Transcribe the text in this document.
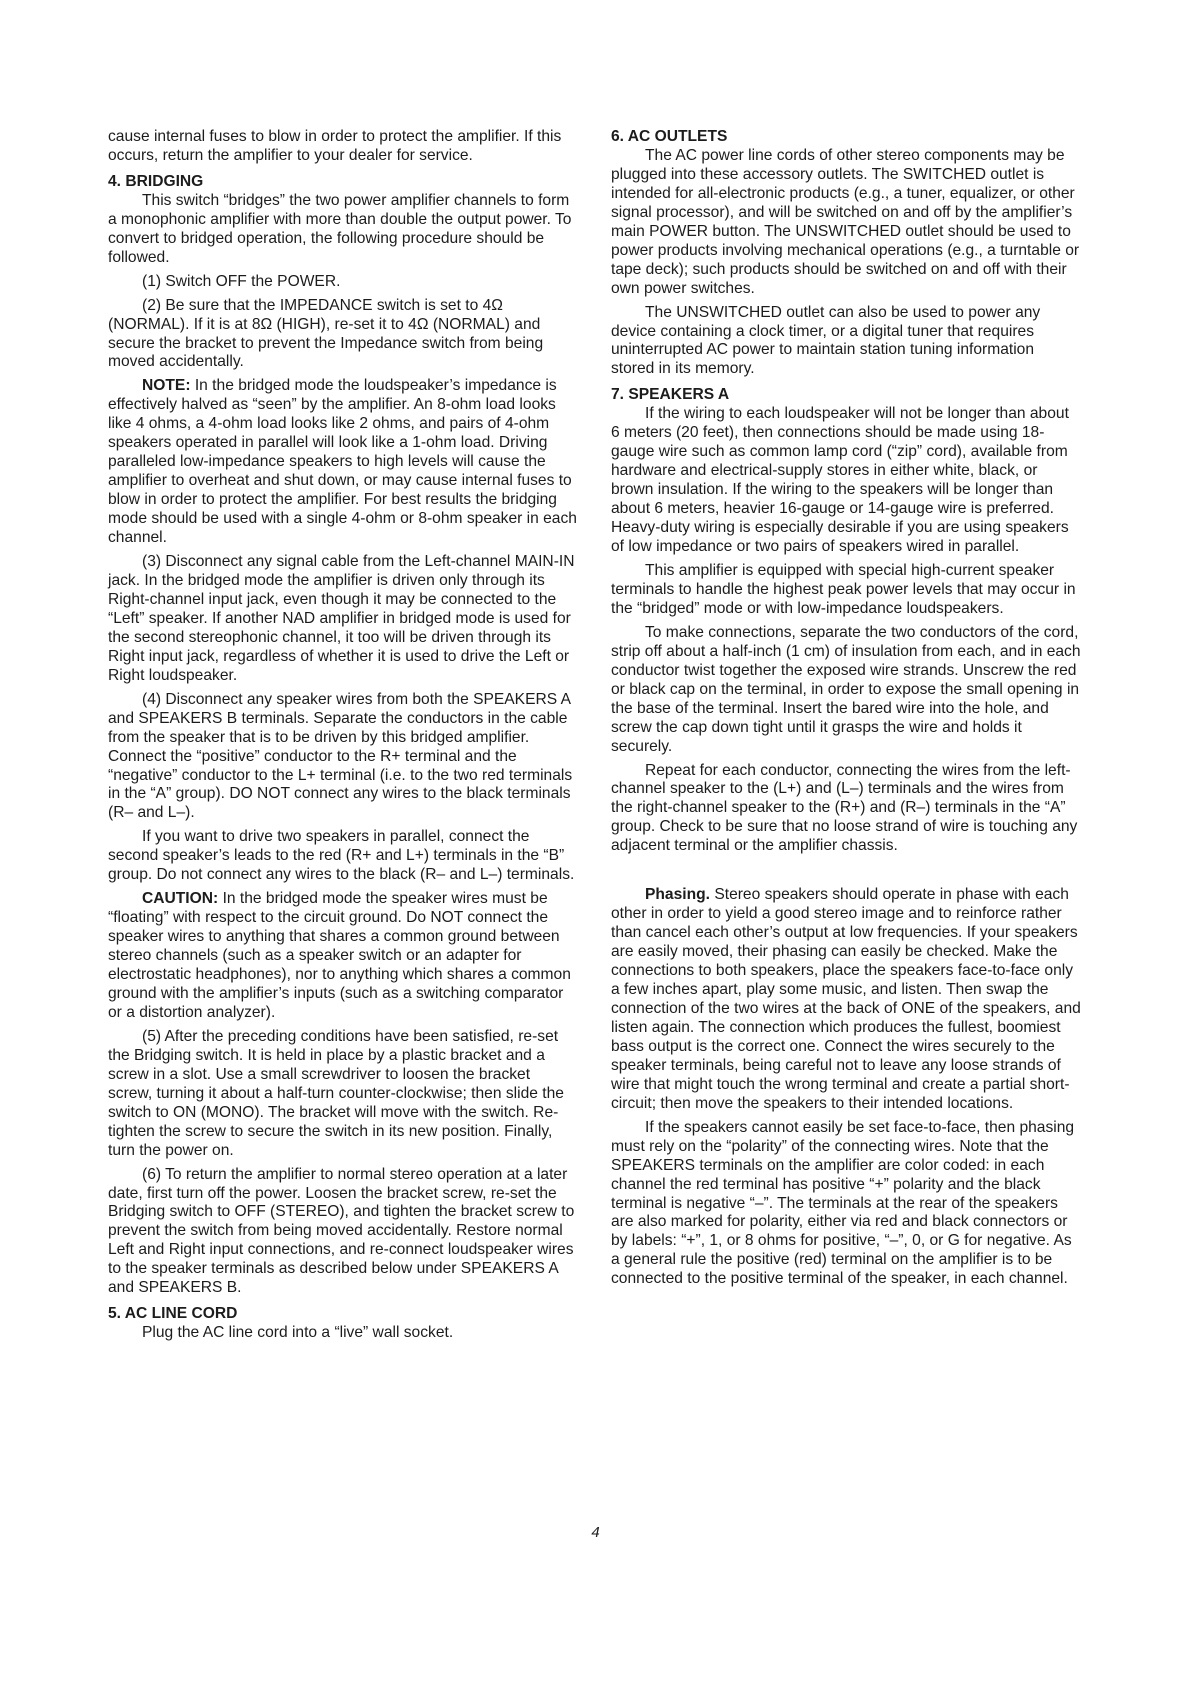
cause internal fuses to blow in order to protect the amplifier. If this occurs, return the amplifier to your dealer for service.

4. BRIDGING

This switch “bridges” the two power amplifier channels to form a monophonic amplifier with more than double the output power. To convert to bridged operation, the following procedure should be followed.

(1) Switch OFF the POWER.

(2) Be sure that the IMPEDANCE switch is set to 4Ω (NORMAL). If it is at 8Ω (HIGH), re-set it to 4Ω (NORMAL) and secure the bracket to prevent the Impedance switch from being moved accidentally.

NOTE: In the bridged mode the loudspeaker’s impedance is effectively halved as “seen” by the amplifier. An 8-ohm load looks like 4 ohms, a 4-ohm load looks like 2 ohms, and pairs of 4-ohm speakers operated in parallel will look like a 1-ohm load. Driving paralleled low-impedance speakers to high levels will cause the amplifier to overheat and shut down, or may cause internal fuses to blow in order to protect the amplifier. For best results the bridging mode should be used with a single 4-ohm or 8-ohm speaker in each channel.

(3) Disconnect any signal cable from the Left-channel MAIN-IN jack. In the bridged mode the amplifier is driven only through its Right-channel input jack, even though it may be connected to the “Left” speaker. If another NAD amplifier in bridged mode is used for the second stereophonic channel, it too will be driven through its Right input jack, regardless of whether it is used to drive the Left or Right loudspeaker.

(4) Disconnect any speaker wires from both the SPEAKERS A and SPEAKERS B terminals. Separate the conductors in the cable from the speaker that is to be driven by this bridged amplifier. Connect the “positive” conductor to the R+ terminal and the “negative” conductor to the L+ terminal (i.e. to the two red terminals in the “A” group). DO NOT connect any wires to the black terminals (R– and L–).

If you want to drive two speakers in parallel, connect the second speaker’s leads to the red (R+ and L+) terminals in the “B” group. Do not connect any wires to the black (R– and L–) terminals.

CAUTION: In the bridged mode the speaker wires must be “floating” with respect to the circuit ground. Do NOT connect the speaker wires to anything that shares a common ground between stereo channels (such as a speaker switch or an adapter for electrostatic headphones), nor to anything which shares a common ground with the amplifier’s inputs (such as a switching comparator or a distortion analyzer).

(5) After the preceding conditions have been satisfied, re-set the Bridging switch. It is held in place by a plastic bracket and a screw in a slot. Use a small screwdriver to loosen the bracket screw, turning it about a half-turn counter-clockwise; then slide the switch to ON (MONO). The bracket will move with the switch. Re-tighten the screw to secure the switch in its new position. Finally, turn the power on.

(6) To return the amplifier to normal stereo operation at a later date, first turn off the power. Loosen the bracket screw, re-set the Bridging switch to OFF (STEREO), and tighten the bracket screw to prevent the switch from being moved accidentally. Restore normal Left and Right input connections, and re-connect loudspeaker wires to the speaker terminals as described below under SPEAKERS A and SPEAKERS B.

5. AC LINE CORD

Plug the AC line cord into a “live” wall socket.

6. AC OUTLETS

The AC power line cords of other stereo components may be plugged into these accessory outlets. The SWITCHED outlet is intended for all-electronic products (e.g., a tuner, equalizer, or other signal processor), and will be switched on and off by the amplifier’s main POWER button. The UNSWITCHED outlet should be used to power products involving mechanical operations (e.g., a turntable or tape deck); such products should be switched on and off with their own power switches.

The UNSWITCHED outlet can also be used to power any device containing a clock timer, or a digital tuner that requires uninterrupted AC power to maintain station tuning information stored in its memory.

7. SPEAKERS A

If the wiring to each loudspeaker will not be longer than about 6 meters (20 feet), then connections should be made using 18-gauge wire such as common lamp cord (“zip” cord), available from hardware and electrical-supply stores in either white, black, or brown insulation. If the wiring to the speakers will be longer than about 6 meters, heavier 16-gauge or 14-gauge wire is preferred. Heavy-duty wiring is especially desirable if you are using speakers of low impedance or two pairs of speakers wired in parallel.

This amplifier is equipped with special high-current speaker terminals to handle the highest peak power levels that may occur in the “bridged” mode or with low-impedance loudspeakers.

To make connections, separate the two conductors of the cord, strip off about a half-inch (1 cm) of insulation from each, and in each conductor twist together the exposed wire strands. Unscrew the red or black cap on the terminal, in order to expose the small opening in the base of the terminal. Insert the bared wire into the hole, and screw the cap down tight until it grasps the wire and holds it securely.

Repeat for each conductor, connecting the wires from the left-channel speaker to the (L+) and (L–) terminals and the wires from the right-channel speaker to the (R+) and (R–) terminals in the “A” group. Check to be sure that no loose strand of wire is touching any adjacent terminal or the amplifier chassis.

Phasing. Stereo speakers should operate in phase with each other in order to yield a good stereo image and to reinforce rather than cancel each other’s output at low frequencies. If your speakers are easily moved, their phasing can easily be checked. Make the connections to both speakers, place the speakers face-to-face only a few inches apart, play some music, and listen. Then swap the connection of the two wires at the back of ONE of the speakers, and listen again. The connection which produces the fullest, boomiest bass output is the correct one. Connect the wires securely to the speaker terminals, being careful not to leave any loose strands of wire that might touch the wrong terminal and create a partial short-circuit; then move the speakers to their intended locations.

If the speakers cannot easily be set face-to-face, then phasing must rely on the “polarity” of the connecting wires. Note that the SPEAKERS terminals on the amplifier are color coded: in each channel the red terminal has positive “+” polarity and the black terminal is negative “–”. The terminals at the rear of the speakers are also marked for polarity, either via red and black connectors or by labels: “+”, 1, or 8 ohms for positive, “–”, 0, or G for negative. As a general rule the positive (red) terminal on the amplifier is to be connected to the positive terminal of the speaker, in each channel.

4
